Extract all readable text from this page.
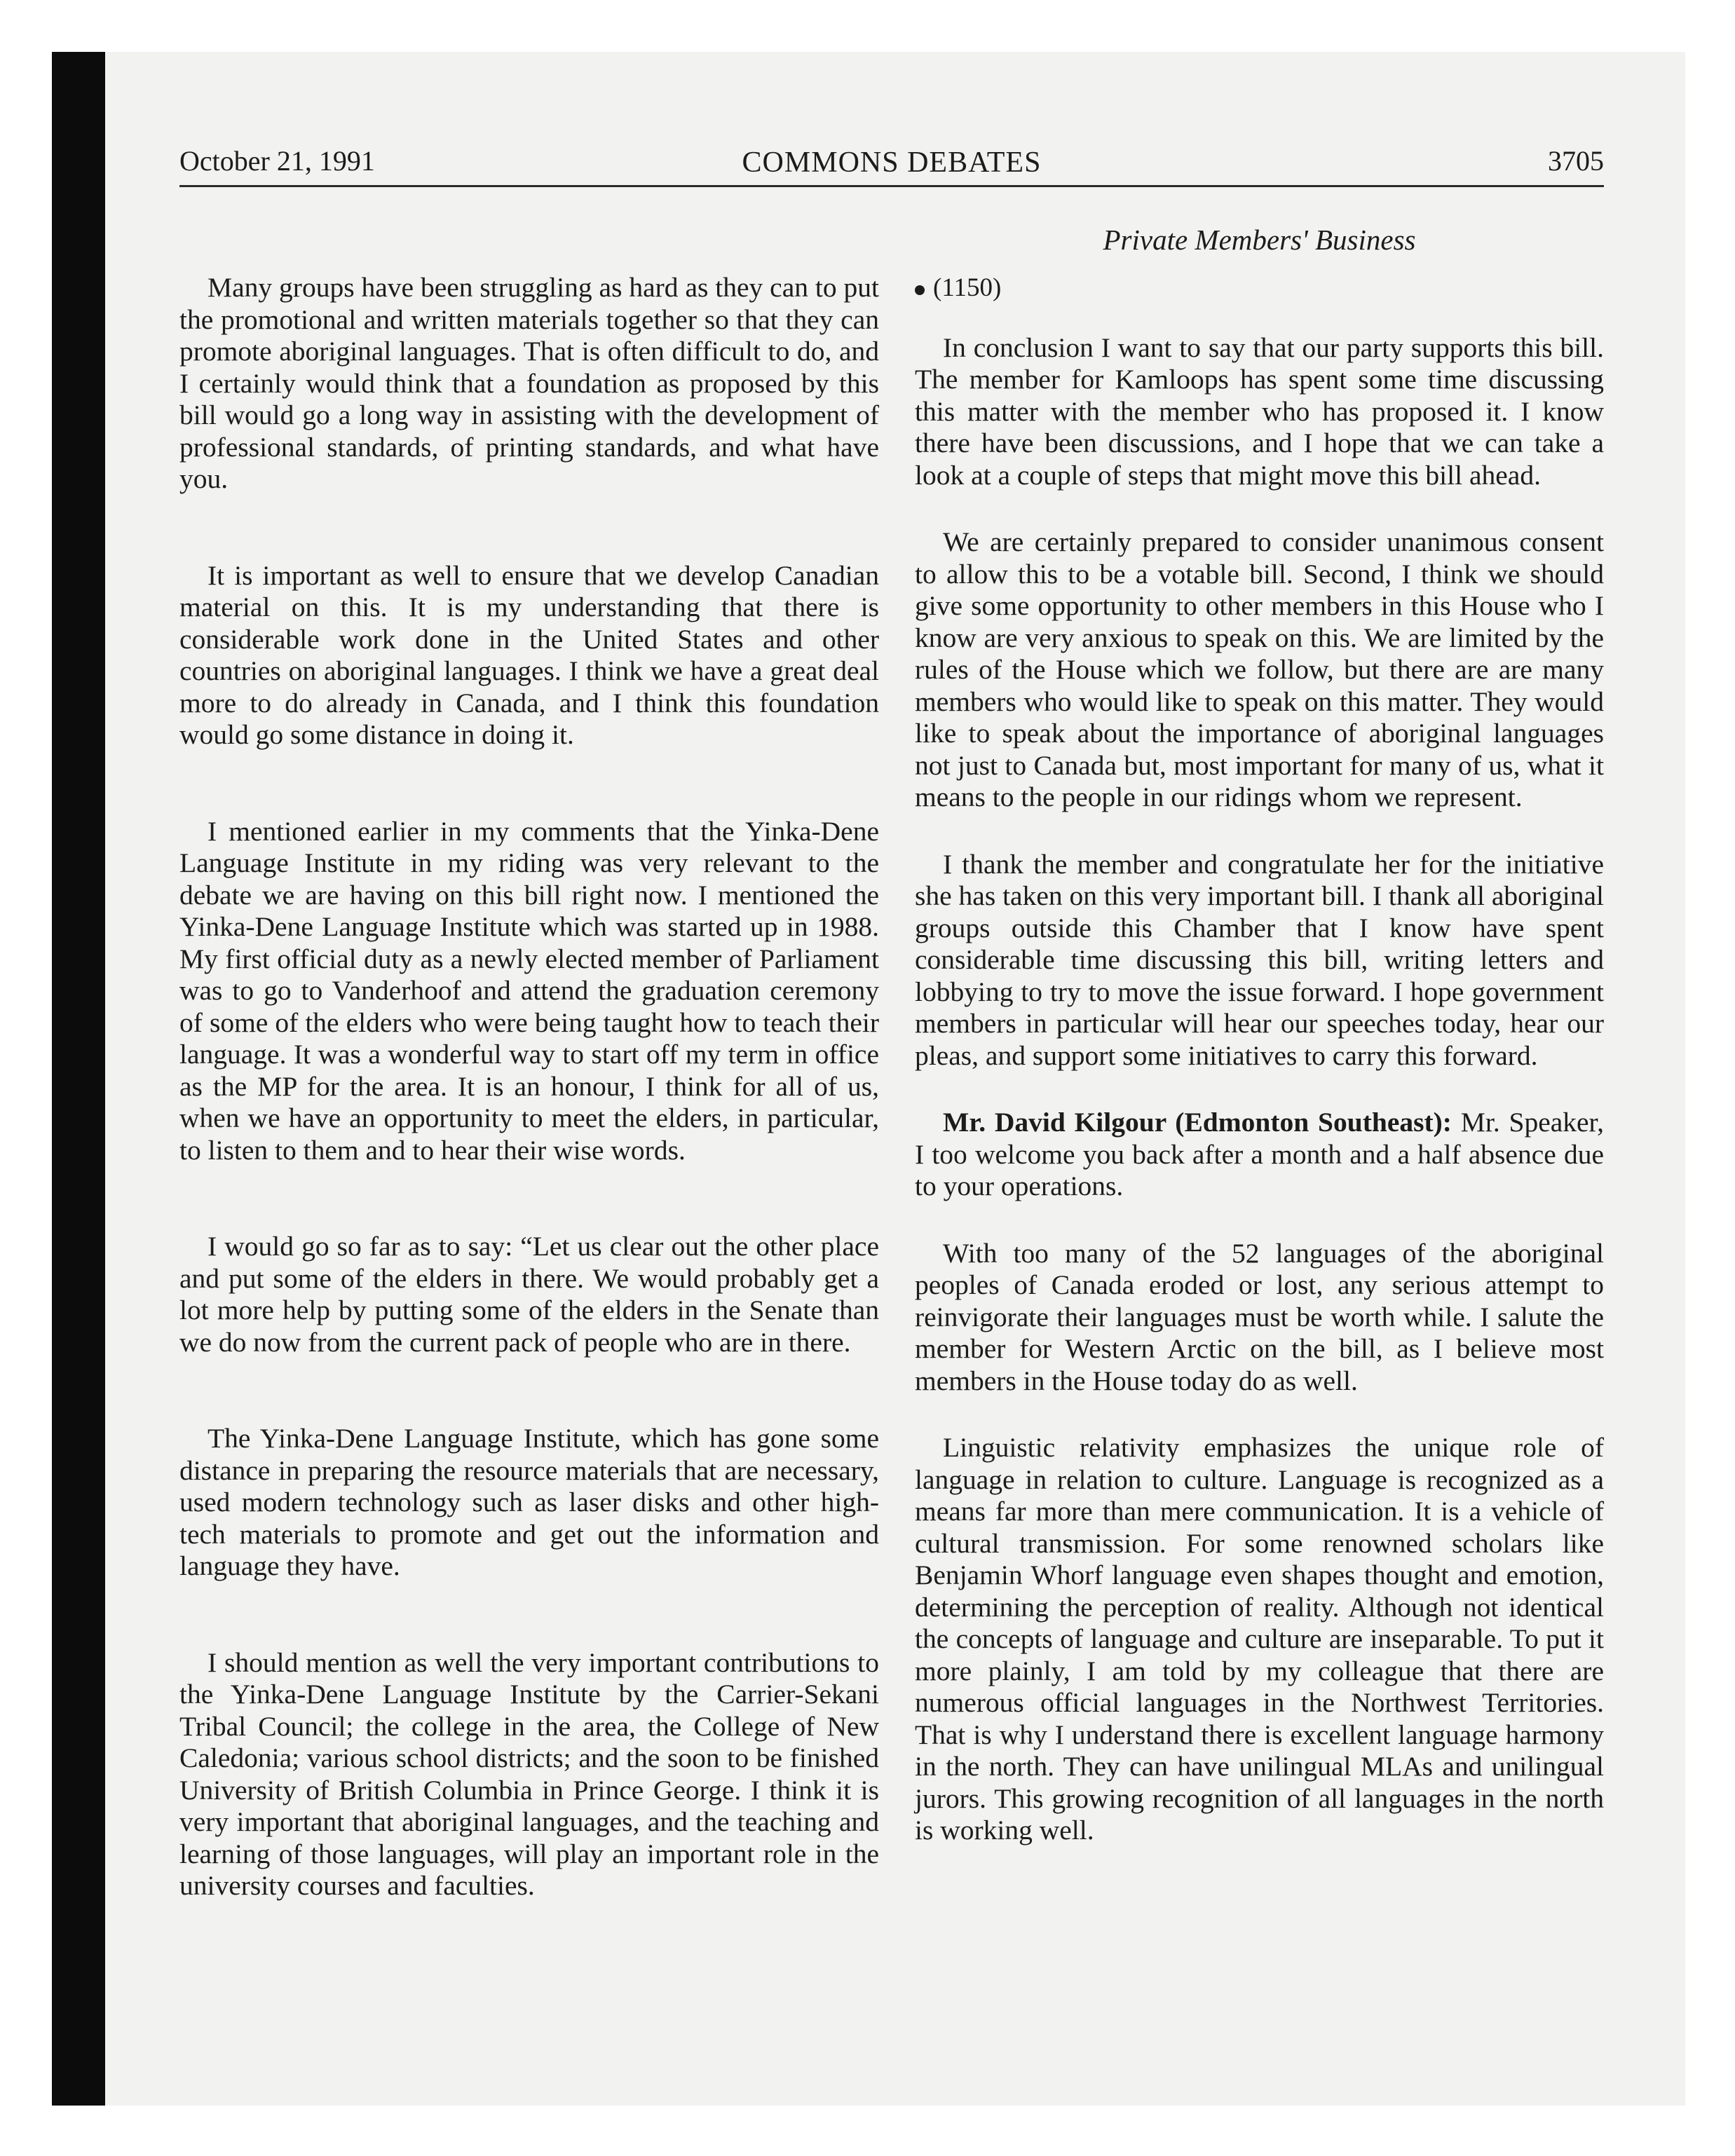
October 21, 1991	COMMONS DEBATES	3705
Private Members' Business

Many groups have been struggling as hard as they can to put the promotional and written materials together so that they can promote aboriginal languages. That is often difficult to do, and I certainly would think that a foundation as proposed by this bill would go a long way in assisting with the development of professional standards, of printing standards, and what have you.

It is important as well to ensure that we develop Canadian material on this. It is my understanding that there is considerable work done in the United States and other countries on aboriginal languages. I think we have a great deal more to do already in Canada, and I think this foundation would go some distance in doing it.

I mentioned earlier in my comments that the Yinka-Dene Language Institute in my riding was very relevant to the debate we are having on this bill right now. I mentioned the Yinka-Dene Language Institute which was started up in 1988. My first official duty as a newly elected member of Parliament was to go to Vanderhoof and attend the graduation ceremony of some of the elders who were being taught how to teach their language. It was a wonderful way to start off my term in office as the MP for the area. It is an honour, I think for all of us, when we have an opportunity to meet the elders, in particular, to listen to them and to hear their wise words.

I would go so far as to say: “Let us clear out the other place and put some of the elders in there. We would probably get a lot more help by putting some of the elders in the Senate than we do now from the current pack of people who are in there.

The Yinka-Dene Language Institute, which has gone some distance in preparing the resource materials that are necessary, used modern technology such as laser disks and other high-tech materials to promote and get out the information and language they have.

I should mention as well the very important contributions to the Yinka-Dene Language Institute by the Carrier-Sekani Tribal Council; the college in the area, the College of New Caledonia; various school districts; and the soon to be finished University of British Columbia in Prince George. I think it is very important that aboriginal languages, and the teaching and learning of those languages, will play an important role in the university courses and faculties.

(1150)

In conclusion I want to say that our party supports this bill. The member for Kamloops has spent some time discussing this matter with the member who has proposed it. I know there have been discussions, and I hope that we can take a look at a couple of steps that might move this bill ahead.

We are certainly prepared to consider unanimous consent to allow this to be a votable bill. Second, I think we should give some opportunity to other members in this House who I know are very anxious to speak on this. We are limited by the rules of the House which we follow, but there are are many members who would like to speak on this matter. They would like to speak about the importance of aboriginal languages not just to Canada but, most important for many of us, what it means to the people in our ridings whom we represent.

I thank the member and congratulate her for the initiative she has taken on this very important bill. I thank all aboriginal groups outside this Chamber that I know have spent considerable time discussing this bill, writing letters and lobbying to try to move the issue forward. I hope government members in particular will hear our speeches today, hear our pleas, and support some initiatives to carry this forward.

Mr. David Kilgour (Edmonton Southeast): Mr. Speaker, I too welcome you back after a month and a half absence due to your operations.

With too many of the 52 languages of the aboriginal peoples of Canada eroded or lost, any serious attempt to reinvigorate their languages must be worth while. I salute the member for Western Arctic on the bill, as I believe most members in the House today do as well.

Linguistic relativity emphasizes the unique role of language in relation to culture. Language is recognized as a means far more than mere communication. It is a vehicle of cultural transmission. For some renowned scholars like Benjamin Whorf language even shapes thought and emotion, determining the perception of reality. Although not identical the concepts of language and culture are inseparable. To put it more plainly, I am told by my colleague that there are numerous official languages in the Northwest Territories. That is why I understand there is excellent language harmony in the north. They can have unilingual MLAs and unilingual jurors. This growing recognition of all languages in the north is working well.
